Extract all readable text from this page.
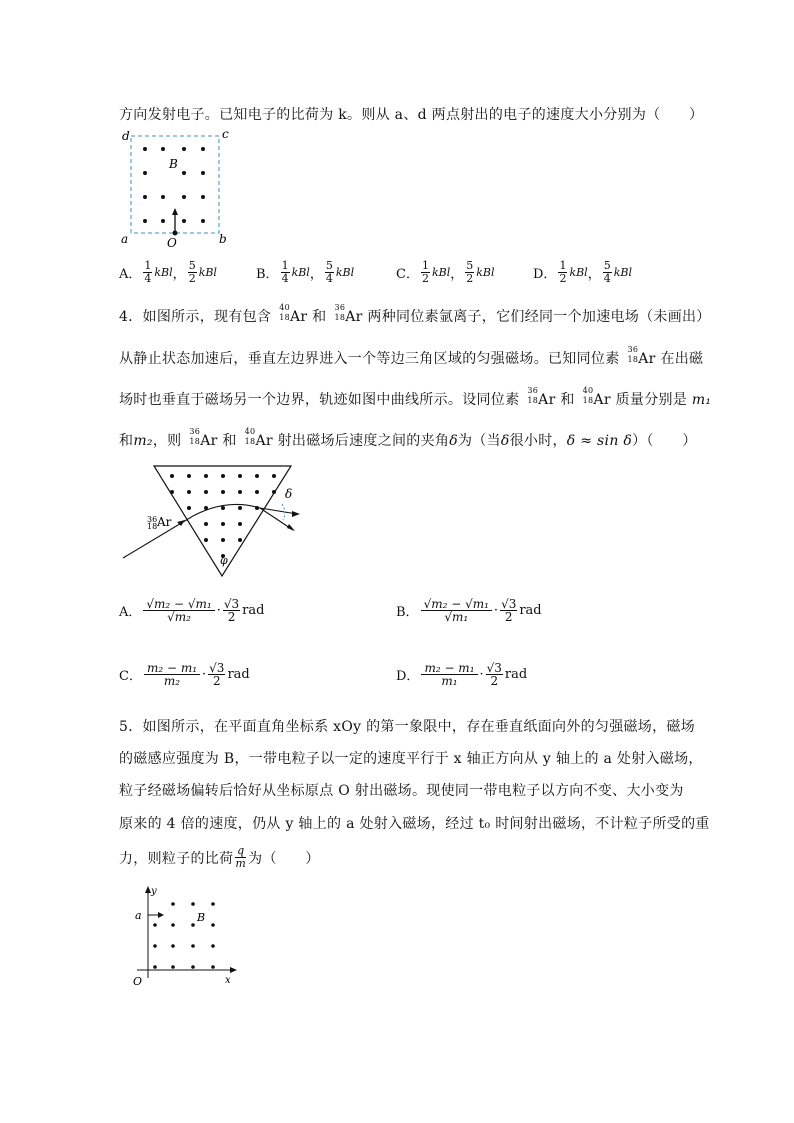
方向发射电子。已知电子的比荷为 k。则从 a、d 两点射出的电子的速度大小分别为（　　）
d	c
a	b
O
B
A． $\frac{1}{4}$ kBl ， $\frac{5}{2}$ kBl	B． $\frac{1}{4}$ kBl ， $\frac{5}{4}$ kBl	C． $\frac{1}{2}$ kBl ， $\frac{5}{2}$ kBl	D． $\frac{1}{2}$ kBl ， $\frac{5}{4}$ kBl
4．如图所示，现有包含
40
18 Ar 和
36
18 Ar 两种同位素氩离子，它们经同一个加速电场（未画出）
从静止状态加速后，垂直左边界进入一个等边三角区域的匀强磁场。已知同位素
36
18 Ar 在出磁
场时也垂直于磁场另一个边界，轨迹如图中曲线所示。设同位素
36
18 Ar 和
40
18 Ar 质量分别是 m₁
和m₂，则
36
18 Ar 和
40
18 Ar 射出磁场后速度之间的夹角δ为（当δ很小时，δ ≈ sin δ）（　　）
δ
φ
$^{36}$
18 Ar
A． $\frac{\text{√m₂ − √m₁}}{\text{√m₂}} \cdot \frac{√3}{2}$ rad	B． $\frac{\text{√m₂ − √m₁}}{\text{√m₁}} \cdot \frac{√3}{2}$ rad
C． $\frac{\text{m₂ − m₁}}{\text{m₂}} \cdot \frac{√3}{2}$ rad	D． $\frac{\text{m₂ − m₁}}{\text{m₁}} \cdot \frac{√3}{2}$ rad
5．如图所示，在平面直角坐标系 xOy 的第一象限中，存在垂直纸面向外的匀强磁场，磁场
的磁感应强度为 B，一带电粒子以一定的速度平行于 x 轴正方向从 y 轴上的 a 处射入磁场，
粒子经磁场偏转后恰好从坐标原点 O 射出磁场。现使同一带电粒子以方向不变、大小变为
原来的 4 倍的速度，仍从 y 轴上的 a 处射入磁场，经过 t₀ 时间射出磁场，不计粒子所受的重
力，则粒子的比荷 $\frac{q}{m}$ 为（　　）
y
x
a
O
B
